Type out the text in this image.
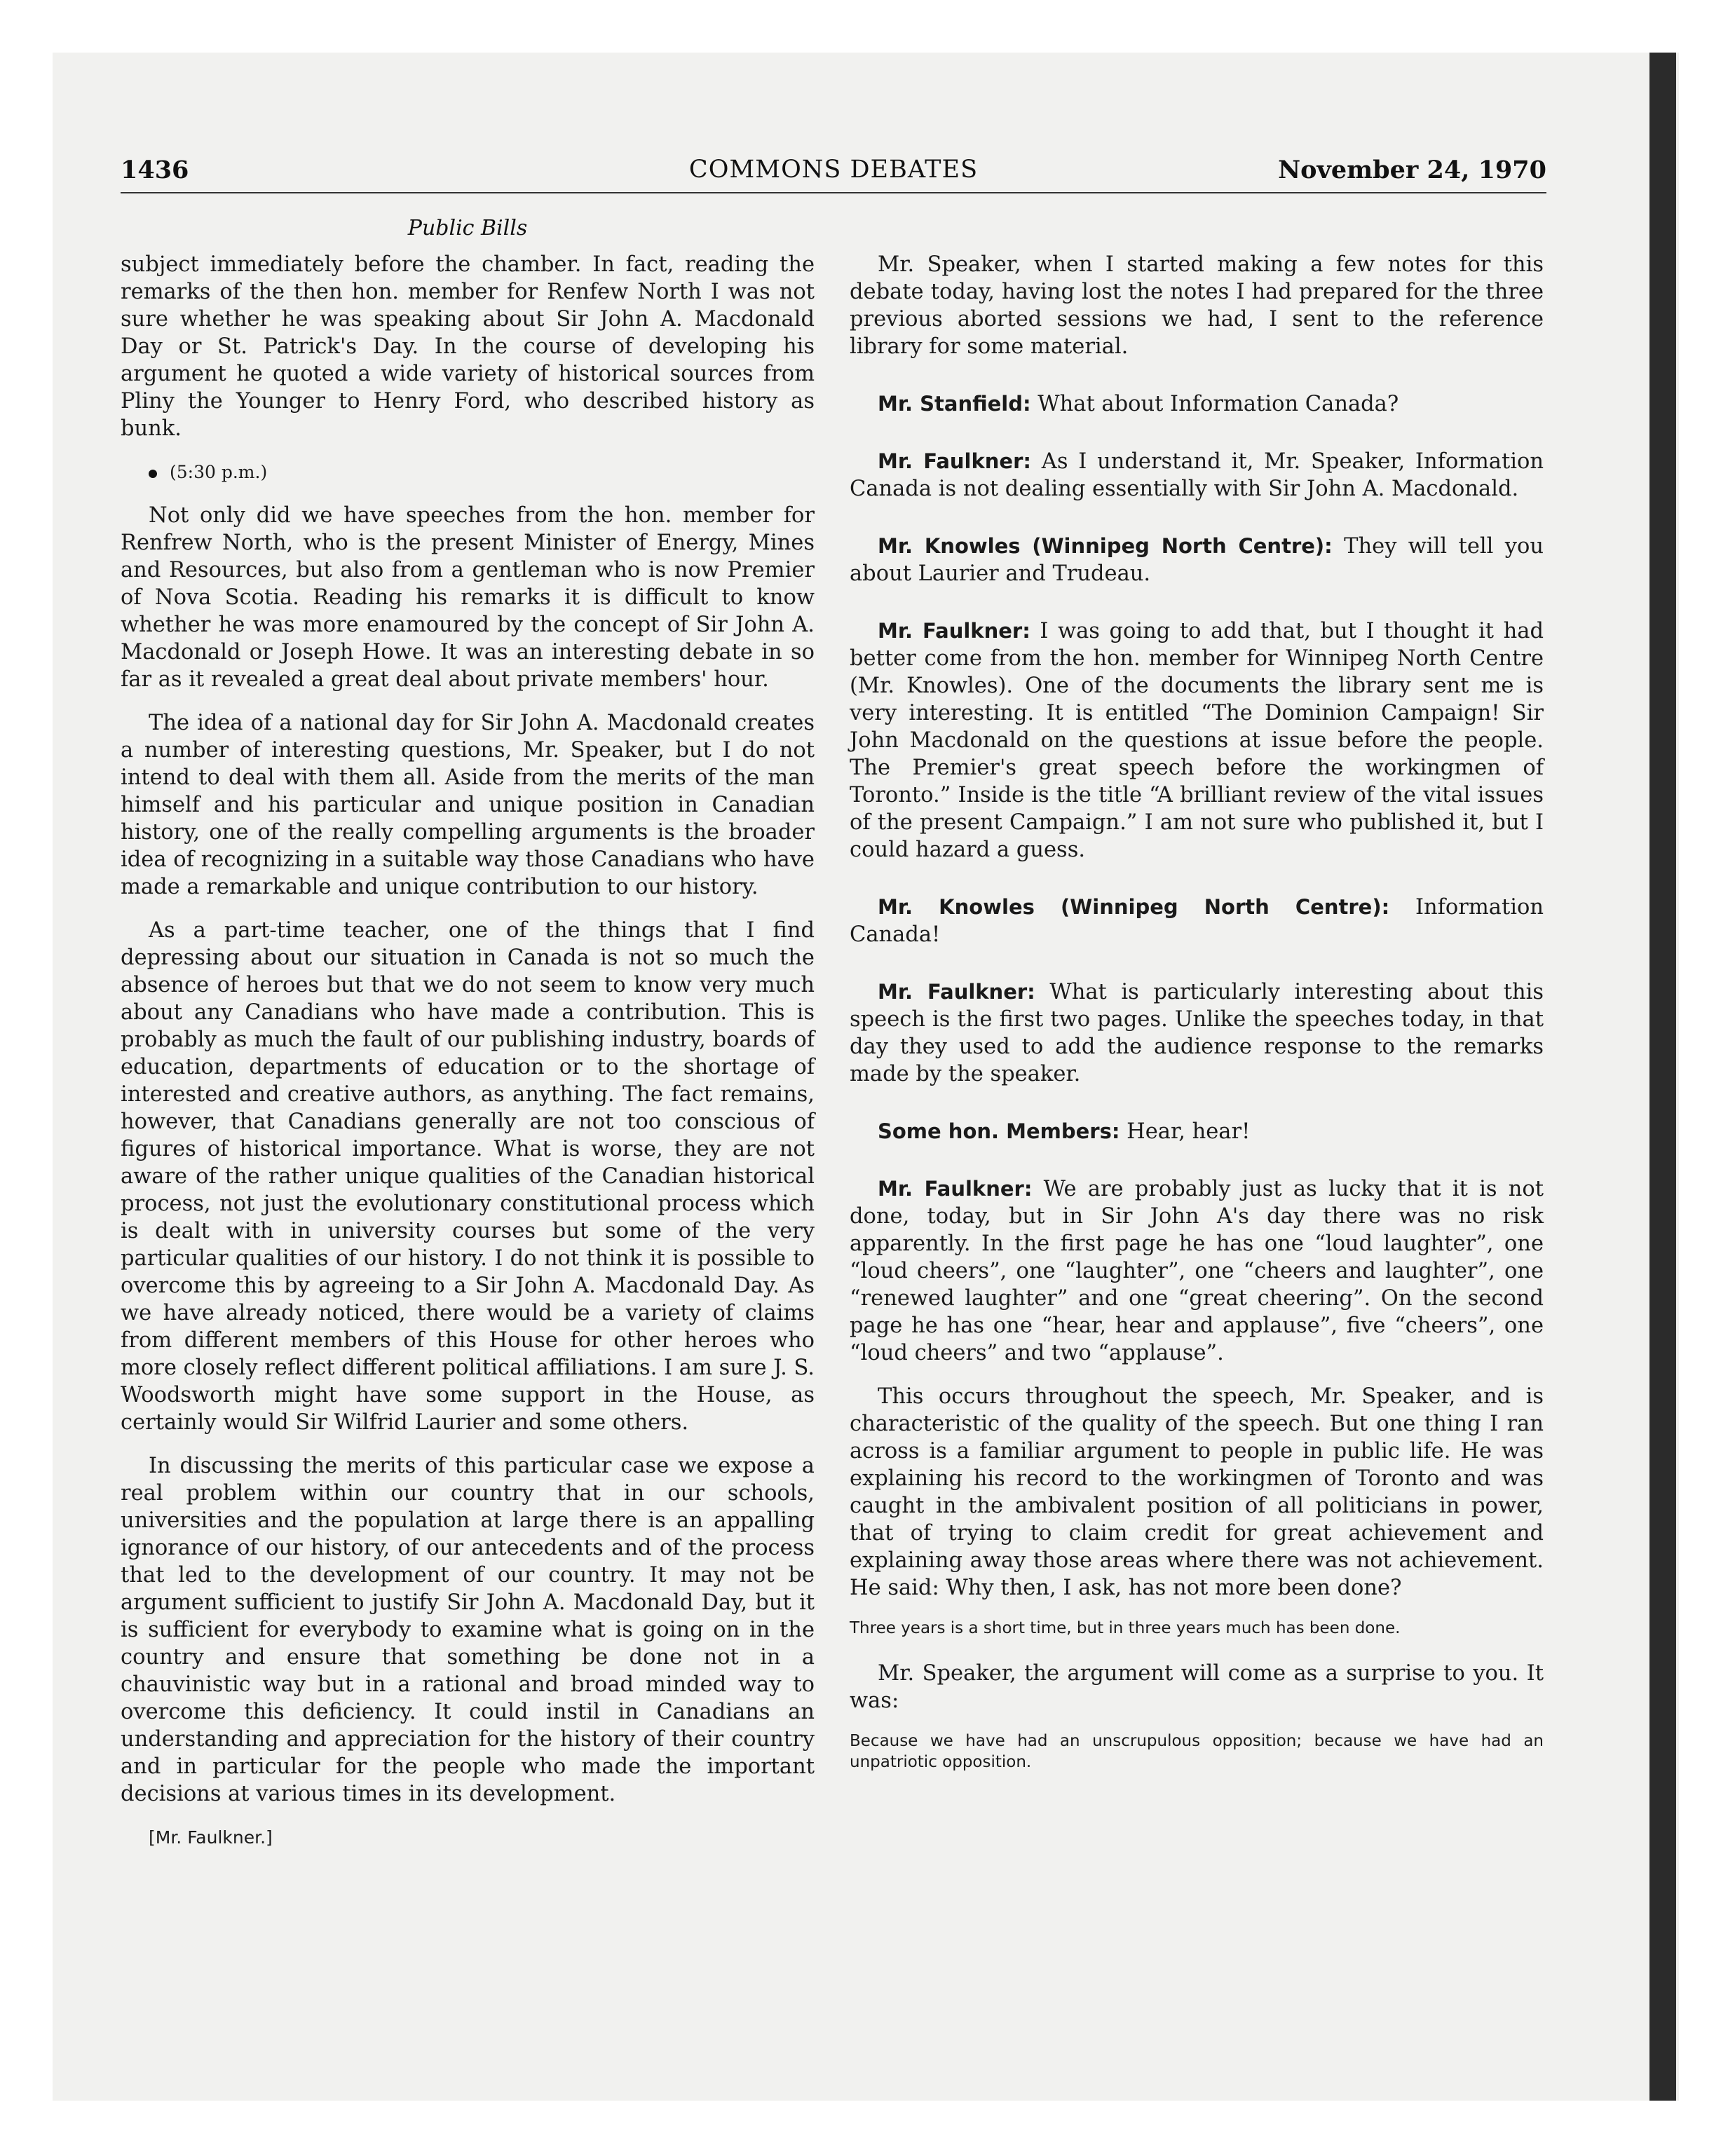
1436	COMMONS DEBATES	November 24, 1970
Public Bills

subject immediately before the chamber. In fact, reading the remarks of the then hon. member for Renfew North I was not sure whether he was speaking about Sir John A. Macdonald Day or St. Patrick's Day. In the course of developing his argument he quoted a wide variety of historical sources from Pliny the Younger to Henry Ford, who described history as bunk.

(5:30 p.m.)

Not only did we have speeches from the hon. member for Renfrew North, who is the present Minister of Energy, Mines and Resources, but also from a gentleman who is now Premier of Nova Scotia. Reading his remarks it is difficult to know whether he was more enamoured by the concept of Sir John A. Macdonald or Joseph Howe. It was an interesting debate in so far as it revealed a great deal about private members' hour.

The idea of a national day for Sir John A. Macdonald creates a number of interesting questions, Mr. Speaker, but I do not intend to deal with them all. Aside from the merits of the man himself and his particular and unique position in Canadian history, one of the really compelling arguments is the broader idea of recognizing in a suitable way those Canadians who have made a remarkable and unique contribution to our history.

As a part-time teacher, one of the things that I find depressing about our situation in Canada is not so much the absence of heroes but that we do not seem to know very much about any Canadians who have made a contribution. This is probably as much the fault of our publishing industry, boards of education, departments of education or to the shortage of interested and creative authors, as anything. The fact remains, however, that Canadians generally are not too conscious of figures of historical importance. What is worse, they are not aware of the rather unique qualities of the Canadian historical process, not just the evolutionary constitutional process which is dealt with in university courses but some of the very particular qualities of our history. I do not think it is possible to overcome this by agreeing to a Sir John A. Macdonald Day. As we have already noticed, there would be a variety of claims from different members of this House for other heroes who more closely reflect different political affiliations. I am sure J. S. Woodsworth might have some support in the House, as certainly would Sir Wilfrid Laurier and some others.

In discussing the merits of this particular case we expose a real problem within our country that in our schools, universities and the population at large there is an appalling ignorance of our history, of our antecedents and of the process that led to the development of our country. It may not be argument sufficient to justify Sir John A. Macdonald Day, but it is sufficient for everybody to examine what is going on in the country and ensure that something be done not in a chauvinistic way but in a rational and broad minded way to overcome this deficiency. It could instil in Canadians an understanding and appreciation for the history of their country and in particular for the people who made the important decisions at various times in its development.

[Mr. Faulkner.]

Mr. Speaker, when I started making a few notes for this debate today, having lost the notes I had prepared for the three previous aborted sessions we had, I sent to the reference library for some material.

Mr. Stanfield: What about Information Canada?

Mr. Faulkner: As I understand it, Mr. Speaker, Information Canada is not dealing essentially with Sir John A. Macdonald.

Mr. Knowles (Winnipeg North Centre): They will tell you about Laurier and Trudeau.

Mr. Faulkner: I was going to add that, but I thought it had better come from the hon. member for Winnipeg North Centre (Mr. Knowles). One of the documents the library sent me is very interesting. It is entitled “The Dominion Campaign! Sir John Macdonald on the questions at issue before the people. The Premier's great speech before the workingmen of Toronto.” Inside is the title “A brilliant review of the vital issues of the present Campaign.” I am not sure who published it, but I could hazard a guess.

Mr. Knowles (Winnipeg North Centre): Information Canada!

Mr. Faulkner: What is particularly interesting about this speech is the first two pages. Unlike the speeches today, in that day they used to add the audience response to the remarks made by the speaker.

Some hon. Members: Hear, hear!

Mr. Faulkner: We are probably just as lucky that it is not done, today, but in Sir John A's day there was no risk apparently. In the first page he has one “loud laughter”, one “loud cheers”, one “laughter”, one “cheers and laughter”, one “renewed laughter” and one “great cheering”. On the second page he has one “hear, hear and applause”, five “cheers”, one “loud cheers” and two “applause”.

This occurs throughout the speech, Mr. Speaker, and is characteristic of the quality of the speech. But one thing I ran across is a familiar argument to people in public life. He was explaining his record to the workingmen of Toronto and was caught in the ambivalent position of all politicians in power, that of trying to claim credit for great achievement and explaining away those areas where there was not achievement. He said: Why then, I ask, has not more been done?

Three years is a short time, but in three years much has been done.

Mr. Speaker, the argument will come as a surprise to you. It was:

Because we have had an unscrupulous opposition; because we have had an unpatriotic opposition.
